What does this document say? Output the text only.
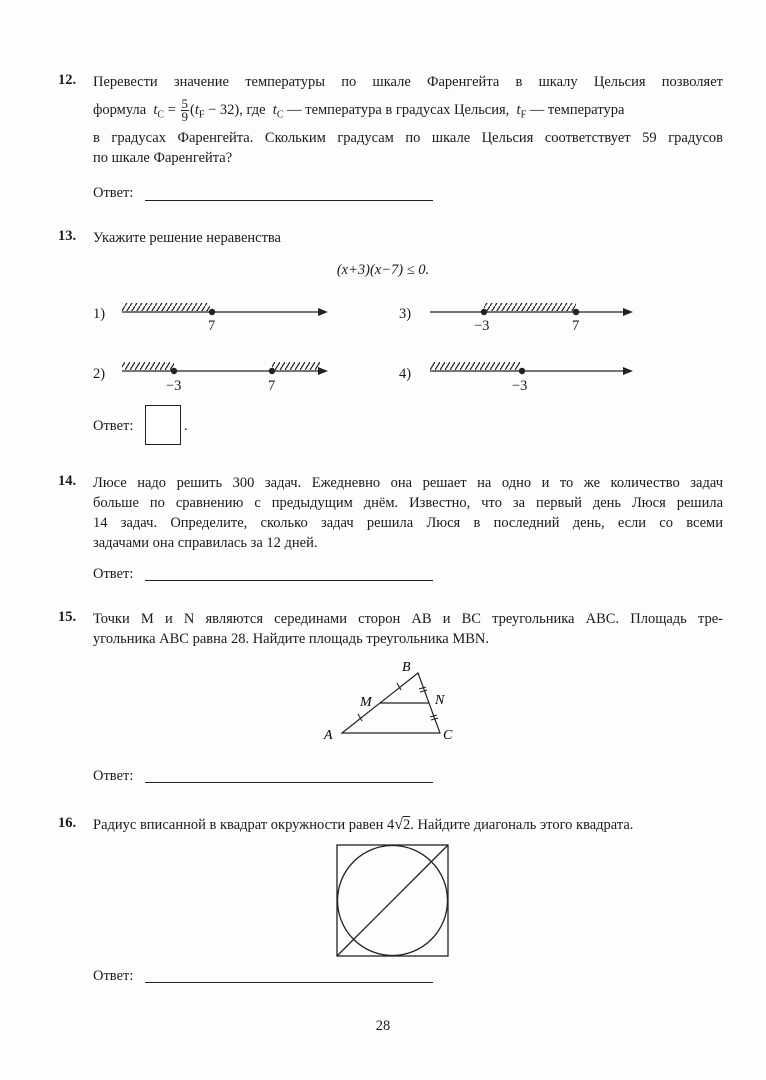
12. Перевести значение температуры по шкале Фаренгейта в шкалу Цельсия позволяет
формула $t_C = \frac{5}{9} (t_F - 32)$, где $t_C$ — температура в градусах Цельсия, $t_F$ — температура
в градусах Фаренгейта. Скольким градусам по шкале Цельсия соответствует 59 градусов
по шкале Фаренгейта?
Ответ:
13. Укажите решение неравенства
(x+3)(x−7) ≤ 0.
1)
7
3)
−3	7
2)
−3	7
4)
−3
Ответ:	.
14. Люсе надо решить 300 задач. Ежедневно она решает на одно и то же количество задач
больше по сравнению с предыдущим днём. Известно, что за первый день Люся решила
14 задач. Определите, сколько задач решила Люся в последний день, если со всеми
задачами она справилась за 12 дней.
Ответ:
15. Точки M и N являются серединами сторон AB и BC треугольника ABC. Площадь тре-
угольника ABC равна 28. Найдите площадь треугольника MBN.
A
B
C
M	N
Ответ:
16. Радиус вписанной в квадрат окружности равен 4√2. Найдите диагональ этого квадрата.
Ответ:
28
